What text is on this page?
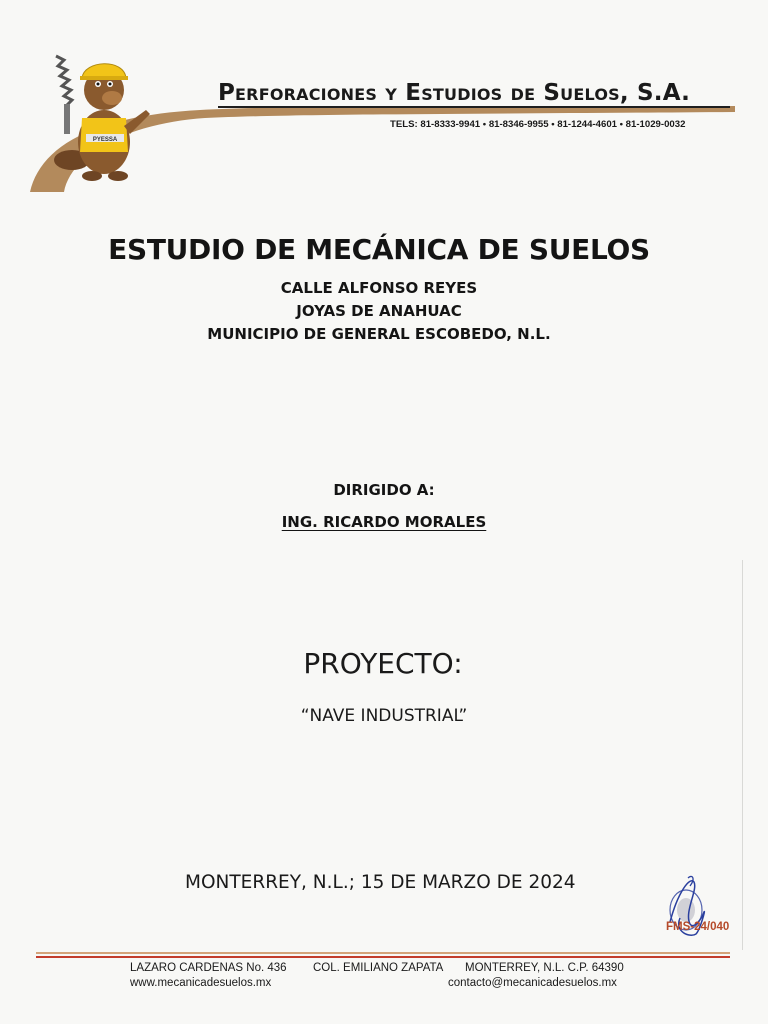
PYESSA
Perforaciones y Estudios de Suelos, S.A.
TELS: 81-8333-9941 • 81-8346-9955 • 81-1244-4601 • 81-1029-0032
ESTUDIO DE MECÁNICA DE SUELOS
CALLE ALFONSO REYES
JOYAS DE ANAHUAC
MUNICIPIO DE GENERAL ESCOBEDO, N.L.
DIRIGIDO A:
ING. RICARDO MORALES
PROYECTO:
“NAVE INDUSTRIAL”
MONTERREY, N.L.; 15 DE MARZO DE 2024
FMS-24/040
LAZARO CARDENAS No. 436 COL. EMILIANO ZAPATA MONTERREY, N.L. C.P. 64390
www.mecanicadesuelos.mx	contacto@mecanicadesuelos.mx
